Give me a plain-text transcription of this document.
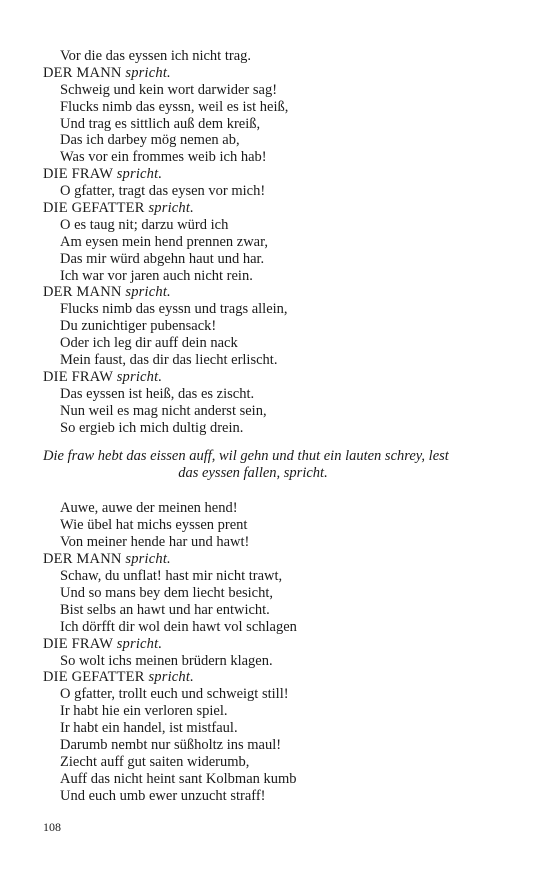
Vor die das eyssen ich nicht trag.
DER MANN spricht.
Schweig und kein wort darwider sag!
Flucks nimb das eyssn, weil es ist heiß,
Und trag es sittlich auß dem kreiß,
Das ich darbey mög nemen ab,
Was vor ein frommes weib ich hab!
DIE FRAW spricht.
O gfatter, tragt das eysen vor mich!
DIE GEFATTER spricht.
O es taug nit; darzu würd ich
Am eysen mein hend prennen zwar,
Das mir würd abgehn haut und har.
Ich war vor jaren auch nicht rein.
DER MANN spricht.
Flucks nimb das eyssn und trags allein,
Du zunichtiger pubensack!
Oder ich leg dir auff dein nack
Mein faust, das dir das liecht erlischt.
DIE FRAW spricht.
Das eyssen ist heiß, das es zischt.
Nun weil es mag nicht anderst sein,
So ergieb ich mich dultig drein.
Die fraw hebt das eissen auff, wil gehn und thut ein lauten schrey, lest
das eyssen fallen, spricht.
Auwe, auwe der meinen hend!
Wie übel hat michs eyssen prent
Von meiner hende har und hawt!
DER MANN spricht.
Schaw, du unflat! hast mir nicht trawt,
Und so mans bey dem liecht besicht,
Bist selbs an hawt und har entwicht.
Ich dörfft dir wol dein hawt vol schlagen
DIE FRAW spricht.
So wolt ichs meinen brüdern klagen.
DIE GEFATTER spricht.
O gfatter, trollt euch und schweigt still!
Ir habt hie ein verloren spiel.
Ir habt ein handel, ist mistfaul.
Darumb nembt nur süßholtz ins maul!
Ziecht auff gut saiten widerumb,
Auff das nicht heint sant Kolbman kumb
Und euch umb ewer unzucht straff!
108
